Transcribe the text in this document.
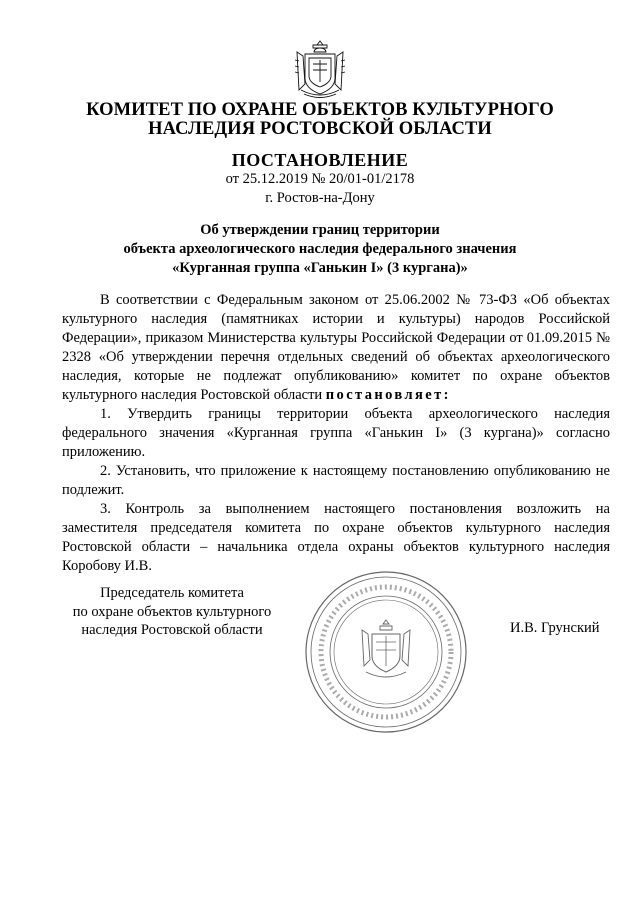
КОМИТЕТ ПО ОХРАНЕ ОБЪЕКТОВ КУЛЬТУРНОГО
НАСЛЕДИЯ РОСТОВСКОЙ ОБЛАСТИ
ПОСТАНОВЛЕНИЕ
от 25.12.2019 № 20/01-01/2178
г. Ростов-на-Дону
Об утверждении границ территории
объекта археологического наследия федерального значения
«Курганная группа «Ганькин I» (3 кургана)»

В соответствии с Федеральным законом от 25.06.2002 № 73-ФЗ «Об объектах культурного наследия (памятниках истории и культуры) народов Российской Федерации», приказом Министерства культуры Российской Федерации от 01.09.2015 № 2328 «Об утверждении перечня отдельных сведений об объектах археологического наследия, которые не подлежат опубликованию» комитет по охране объектов культурного наследия Ростовской области постановляет:

1. Утвердить границы территории объекта археологического наследия федерального значения «Курганная группа «Ганькин I» (3 кургана)» согласно приложению.

2. Установить, что приложение к настоящему постановлению опубликованию не подлежит.

3. Контроль за выполнением настоящего постановления возложить на заместителя председателя комитета по охране объектов культурного наследия Ростовской области – начальника отдела охраны объектов культурного наследия Коробову И.В.

Председатель комитета
по охране объектов культурного
наследия Ростовской области	И.В. Грунский
